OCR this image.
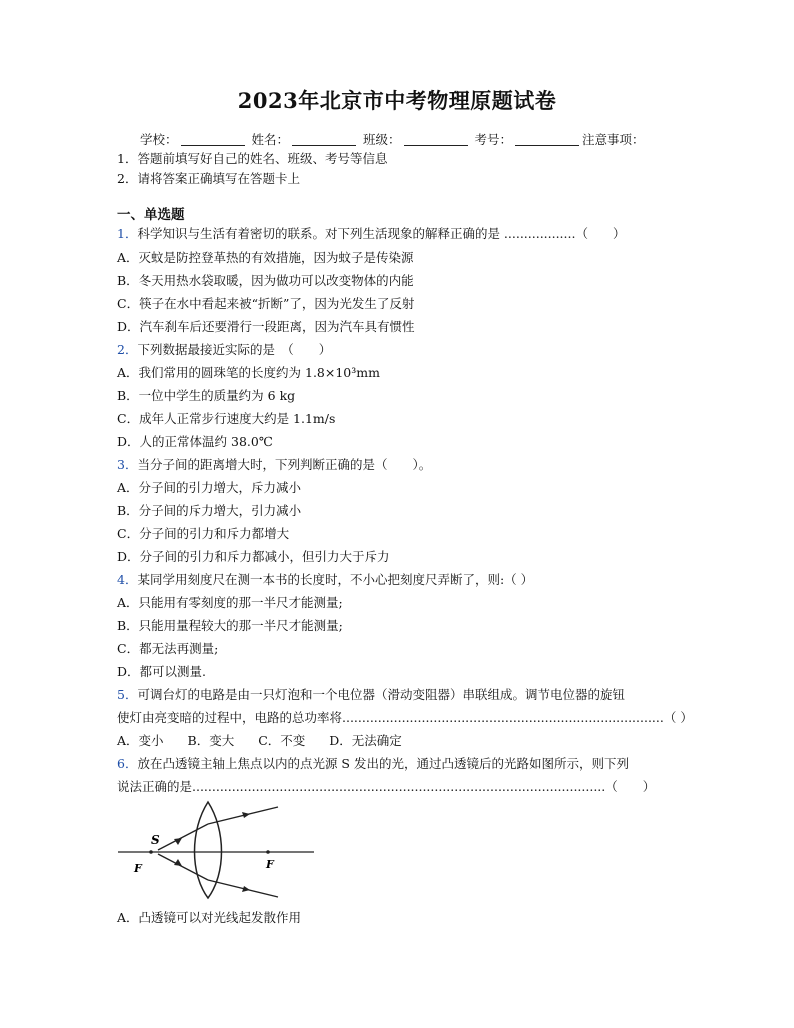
2023年北京市中考物理原题试卷
学校：	姓名：	班级：	考号：	注意事项：
1．答题前填写好自己的姓名、班级、考号等信息
2．请将答案正确填写在答题卡上
一、单选题
1．科学知识与生活有着密切的联系。对下列生活现象的解释正确的是 ..................（　　）
A．灭蚊是防控登革热的有效措施，因为蚊子是传染源
B．冬天用热水袋取暖，因为做功可以改变物体的内能
C．筷子在水中看起来被“折断”了，因为光发生了反射
D．汽车刹车后还要滑行一段距离，因为汽车具有惯性
2．下列数据最接近实际的是　（　　）
A．我们常用的圆珠笔的长度约为 1.8×10³mm
B．一位中学生的质量约为 6 kg
C．成年人正常步行速度大约是 1.1m/s
D．人的正常体温约 38.0℃
3．当分子间的距离增大时，下列判断正确的是（　　）。
A．分子间的引力增大，斥力减小
B．分子间的斥力增大，引力减小
C．分子间的引力和斥力都增大
D．分子间的引力和斥力都减小，但引力大于斥力
4．某同学用刻度尺在测一本书的长度时，不小心把刻度尺弄断了，则:（ ）
A．只能用有零刻度的那一半尺才能测量;
B．只能用量程较大的那一半尺才能测量;
C．都无法再测量;
D．都可以测量.
5．可调台灯的电路是由一只灯泡和一个电位器（滑动变阻器）串联组成。调节电位器的旋钮
使灯由亮变暗的过程中，电路的总功率将.................................................................................（ ）
A．变小 B．变大 C．不变 D．无法确定
6．放在凸透镜主轴上焦点以内的点光源 S 发出的光，通过凸透镜后的光路如图所示，则下列
说法正确的是........................................................................................................（　　）
S
F	F
A．凸透镜可以对光线起发散作用
